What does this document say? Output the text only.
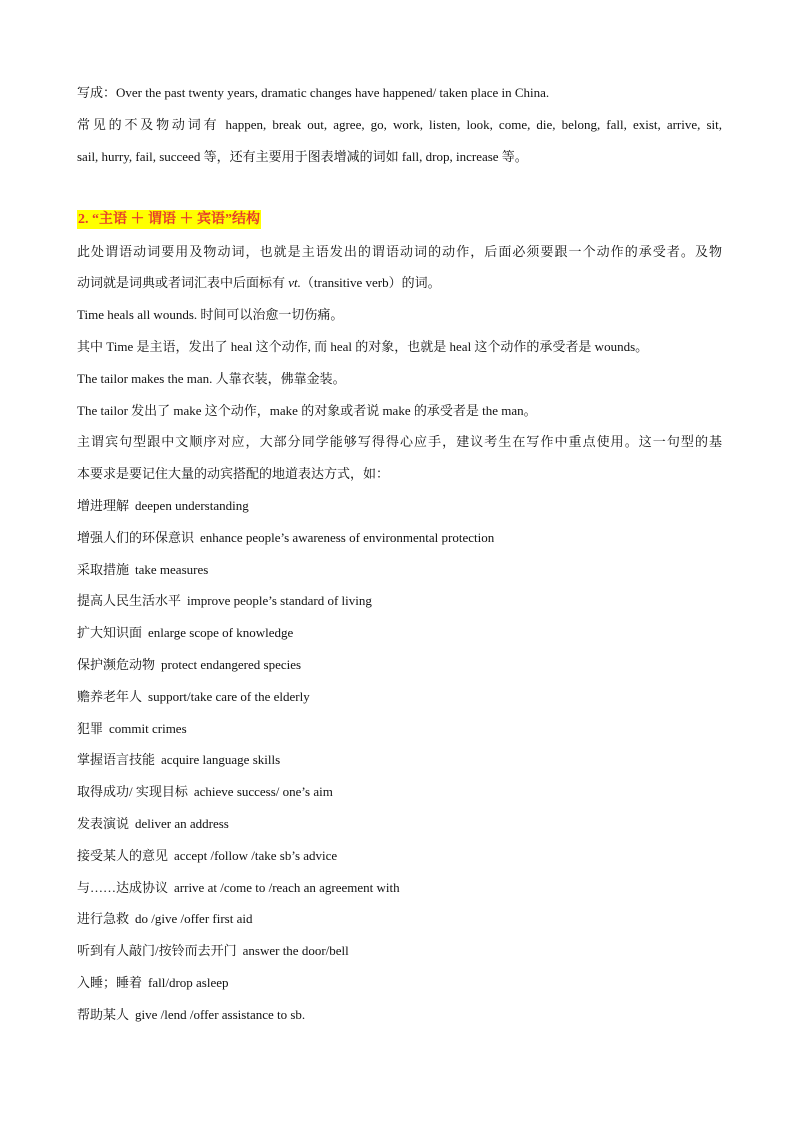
写成：Over the past twenty years, dramatic changes have happened/ taken place in China.
常见的不及物动词有 happen, break out, agree, go, work, listen, look, come, die, belong, fall, exist, arrive, sit,
sail, hurry, fail, succeed 等，还有主要用于图表增减的词如 fall, drop, increase 等。
2. “主语 ＋ 谓语 ＋ 宾语”结构
此处谓语动词要用及物动词，也就是主语发出的谓语动词的动作，后面必须要跟一个动作的承受者。及物
动词就是词典或者词汇表中后面标有 vt.（transitive verb）的词。
Time heals all wounds. 时间可以治愈一切伤痛。
其中 Time 是主语，发出了 heal 这个动作, 而 heal 的对象，也就是 heal 这个动作的承受者是 wounds。
The tailor makes the man. 人靠衣装，佛靠金装。
The tailor 发出了 make 这个动作，make 的对象或者说 make 的承受者是 the man。
主谓宾句型跟中文顺序对应，大部分同学能够写得得心应手，建议考生在写作中重点使用。这一句型的基
本要求是要记住大量的动宾搭配的地道表达方式，如：
增进理解 deepen understanding
增强人们的环保意识 enhance people’s awareness of environmental protection
采取措施 take measures
提高人民生活水平 improve people’s standard of living
扩大知识面 enlarge scope of knowledge
保护濒危动物 protect endangered species
赡养老年人 support/take care of the elderly
犯罪 commit crimes
掌握语言技能 acquire language skills
取得成功/ 实现目标 achieve success/ one’s aim
发表演说 deliver an address
接受某人的意见 accept /follow /take sb’s advice
与……达成协议 arrive at /come to /reach an agreement with
进行急救 do /give /offer first aid
听到有人敲门/按铃而去开门 answer the door/bell
入睡；睡着 fall/drop asleep
帮助某人 give /lend /offer assistance to sb.
